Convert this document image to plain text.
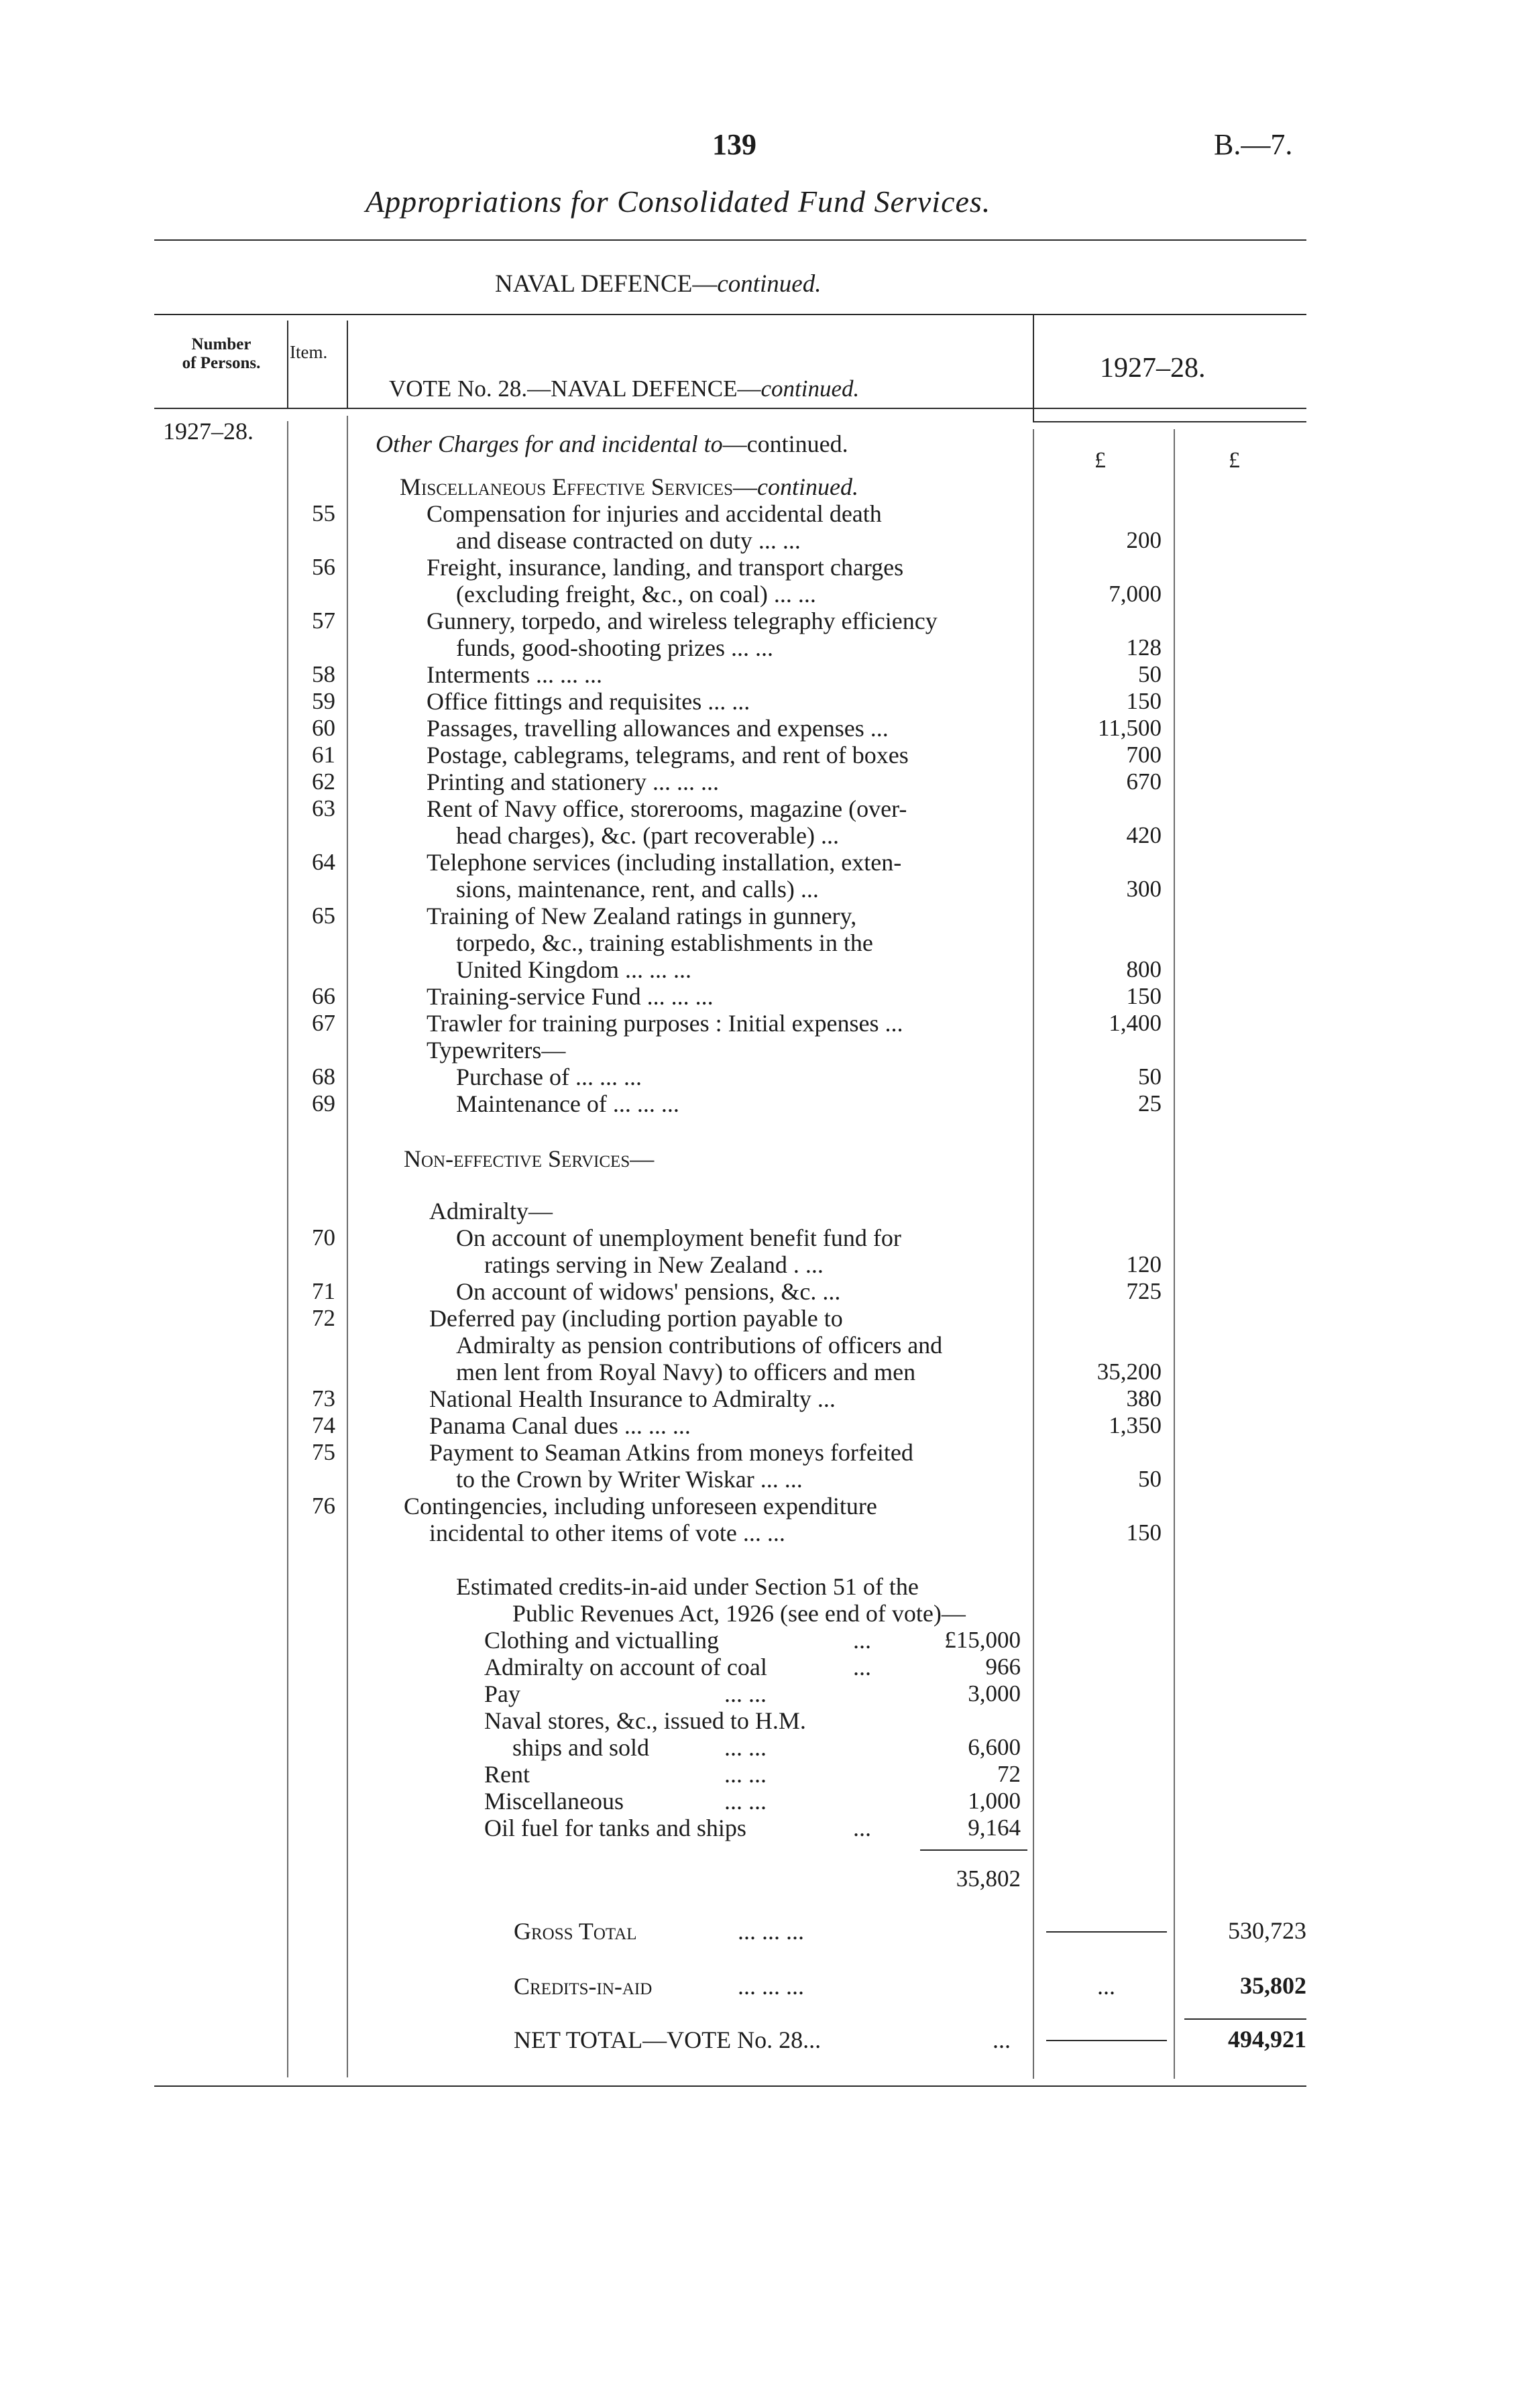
139	B.—7.
Appropriations for Consolidated Fund Services.
NAVAL DEFENCE—continued.
Number
of Persons.
Item.
VOTE No. 28.—NAVAL DEFENCE—continued.
1927–28.
1927–28.
£	£
Other Charges for and incidental to—continued.
Miscellaneous Effective Services—continued.
55	Compensation for injuries and accidental death
and disease contracted on duty ... ...	200
56	Freight, insurance, landing, and transport charges
(excluding freight, &c., on coal) ... ...	7,000
57	Gunnery, torpedo, and wireless telegraphy efficiency
funds, good-shooting prizes ... ...	128
58	Interments ... ... ...	50
59	Office fittings and requisites ... ...	150
60	Passages, travelling allowances and expenses ...	11,500
61	Postage, cablegrams, telegrams, and rent of boxes	700
62	Printing and stationery ... ... ...	670
63	Rent of Navy office, storerooms, magazine (over-
head charges), &c. (part recoverable) ...	420
64	Telephone services (including installation, exten-
sions, maintenance, rent, and calls) ...	300
65	Training of New Zealand ratings in gunnery,
torpedo, &c., training establishments in the
United Kingdom ... ... ...	800
66	Training-service Fund ... ... ...	150
67	Trawler for training purposes : Initial expenses ...	1,400
Typewriters—
68	Purchase of ... ... ...	50
69	Maintenance of ... ... ...	25
Non-effective Services—
Admiralty—
70	On account of unemployment benefit fund for
ratings serving in New Zealand . ...	120
71	On account of widows' pensions, &c. ...	725
72	Deferred pay (including portion payable to
Admiralty as pension contributions of officers and
men lent from Royal Navy) to officers and men	35,200
73	National Health Insurance to Admiralty ...	380
74	Panama Canal dues ... ... ...	1,350
75	Payment to Seaman Atkins from moneys forfeited
to the Crown by Writer Wiskar ... ...	50
76	Contingencies, including unforeseen expenditure
incidental to other items of vote ... ...	150
Estimated credits-in-aid under Section 51 of the
Public Revenues Act, 1926 (see end of vote)—
Clothing and victualling	...	£15,000
Admiralty on account of coal	...	966
Pay	... ...	3,000
Naval stores, &c., issued to H.M.
ships and sold	... ...	6,600
Rent	... ...	72
Miscellaneous	... ...	1,000
Oil fuel for tanks and ships	...	9,164
35,802
Gross Total	... ... ...	530,723
Credits-in-aid	... ... ...	...	35,802
NET TOTAL—VOTE No. 28...	...	494,921
